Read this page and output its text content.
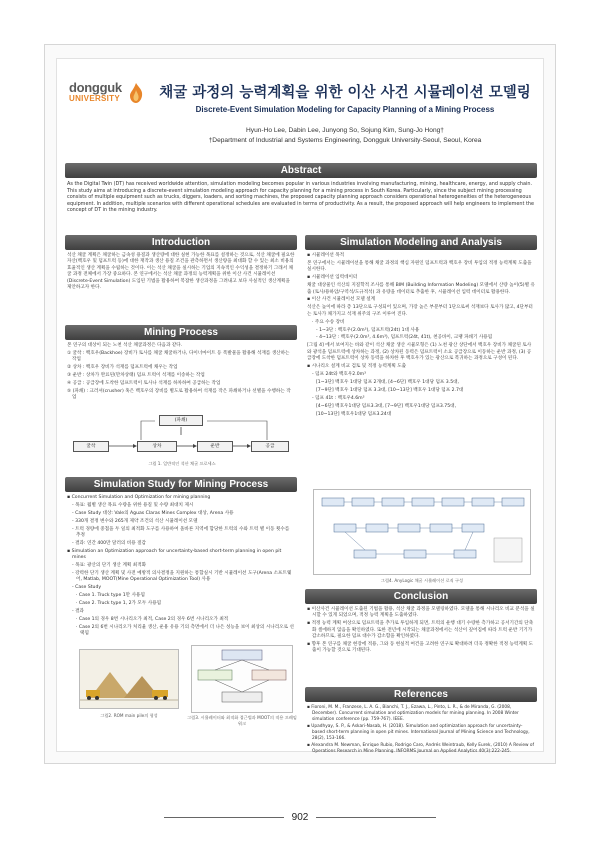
dongguk
UNIVERSITY	채굴 과정의 능력계획을 위한 이산 사건 시뮬레이션 모델링
Discrete-Event Simulation Modeling for Capacity Planning of a Mining Process
Hyun-Ho Lee, Dabin Lee, Junyong So, Sojung Kim, Sung-Jo Hong†
†Department of Industrial and Systems Engineering, Dongguk University-Seoul, Seoul, Korea
Abstract
As the Digital Twin (DT) has received worldwide attention, simulation modeling becomes popular in various industries involving manufacturing, mining, healthcare, energy, and supply chain. This study aims at introducing a discrete-event simulation modeling approach for capacity planning for a mining process in South Korea. Particularly, since the subject mining processing consists of multiple equipment such as trucks, diggers, loaders, and sorting machines, the proposed capacity planning approach considers operational heterogeneities of the heterogeneous equipment. In addition, multiple scenarios with different operational schedules are evaluated in terms of productivity. As a result, the proposed approach will help engineers to implement the concept of DT in the mining industry.
Introduction
석산 채굴 계획은 채굴하는 금속성 용질과 생산량에 대한 실현 가능한 목표를 설정하는 것으로, 석산 채굴에 필요한 자산(백호우 및 덤프트럭 등)에 대한 재작과 생산 용질 조건을 관측하면서 생산량을 최대화 할 수 있는 최소 비용의 효율적인 생산 계획을 수립하는 것이다. 이는 석산 채굴을 실시하는 기업의 지속적인 수익성을 결정하기 그래서 채굴 과정 전체에서 가장 중요하다. 본 연구에서는 석산 채굴 과정의 능력계획을 위한 이산 사건 시뮬레이션(Discrete-Event Simulation) 도입된 기법을 활용하여 복잡한 생산과정을 그려내고 보다 사실적인 생산계획을 제안하고자 한다.
Mining Process

본 연구의 대상이 되는 노천 석산 채굴과정은 다음과 같다.

① 굴착 : 백호우(Backhoe) 장비가 토사를 채굴 채굴하거나, 다이너마이트 등 폭발물을 활용해 석재를 생산하는 작업

② 상차 : 백호우 장비가 석재를 덤프트럭에 채우는 작업

③ 운반 : 상차가 완료된(만차상태) 덤프 트럭이 석재를 이송하는 작업

④ 공급 : 공급장에 도착한 덤프트럭이 토사나 석재를 하차하여 공급하는 작업

⑤ (파쇄) : 크러셔(crusher) 혹은 백호우의 장비를 별도로 활용하여 석재를 작은 파쇄하거나 선별을 수행하는 작업

(파쇄)
굴착	상차	운반	공급
그림 1. 일반적인 석산 채굴 프로세스
Simulation Study for Mining Process

▪ Concurrent Simulation and Optimization for mining planning

- 목표: 월별 생산 목표 수량을 위한 용질 및 수량 최대치 제시

- Case Study 대상: Vale의 Aguas Claras Mines Complex 대상, Arena 사용

- 330개 결정 변수와 265개 제약 조건의 석산 시뮬레이션 모델

- 트럭 경량에 중첩을 두 일의 최적화 도구를 사용하여 올바른 지역에 합당한 트럭의 수와 트럭 별 이동 횟수를 추정

- 결과: 연간 400만 달러의 비용 절감

▪ Simulation an Optimization approach for uncertainty-based short-term planning in open pit mines

- 목표: 광산의 단기 생산 계획 최적화

- 강력한 단기 생산 계획 및 사전 예방적 의사결정을 지원하는 통합실시 기반 시뮬레이션 도구(Arena 소프트웨어, Matlab, MOOT(Mine Operational Optimization Tool) 사용

- Case Study

· Case 1. Truck type 1만 사용됨

· Case 2. Truck type 1, 2가 모두 사용됨

- 결과

· Case 1의 경우 8번 시나리오가 최적, Case 2의 경우 6번 시나리오가 최적

· Case 2의 6번 시나리오가 처리율 생산, 운용 유용 기의 측면에서 더 나은 성능을 보이 최상의 시나리오로 선택됨

그림2. ROM main pile의 형성	그림3. 시뮬레이터와 최적화 접근법과 MOOT의 적용 프레임워크
Simulation Modeling and Analysis

▪ 시뮬레이션 목적

본 연구에서는 시뮬레이션을 통해 채굴 과정의 핵심 자원인 덤프트럭과 백호우 장비 투입의 적정 능력계획 도출을 실시한다.

▪ 시뮬레이션 입력데이터

채굴 대상물인 석산의 지질학적 조사를 통해 BIM (Building Information Modeling) 모델에서 산량 높이(5)별 유출 (토사/용하암/구역석/도규적석) 과 유량을 데이터로 추출한 후, 시뮬레이션 입력 데이터로 활용한다.

▪ 이산 사건 시뮬레이션 모델 설계

석산은 높이에 따라 층 13단으로 구성되어 있으며, 가장 높은 부분부터 1단으로써 석재보다 토사가 많고, 4단부터는 토사가 채가지고 석재 위주의 구조 이루어 진다.

· 주요 수송 장비

- 1~3단 : 백호우(2.0m³), 덤프트럭(24t) 1대 사용

- 4~13단 : 백호우(2.0m³, 4.6m³), 덤프트럭(24t, 41t), 천공바이, 크랭 파쇄기 사용됨

[그림 4] 에서 보여지는 바와 같이 석산 채굴 생산 시뮬모형은 (1) 노천 광산 상단에서 백호우 장비가 채굴된 토사와 광석을 덤프트럭에 상차하는 과정, (2) 상차된 동력은 덤프트럭이 소요 공급장으로 이동하는 운반 과정, (3) 공급장에 도착한 덤프트럭이 상차 동력을 하차한 후 백호우가 있는 광산으로 복귀하는 과정으로 구성이 된다.

▪ 시나리오 설계 비교 검토 및 적정 능력계획 도출

- 덤프 24t와 백호우2.0m³

[1~3단] 백호우 1대당 덤프 2개대, [4~6단] 백호우 1대당 덤프 3.5대,

[7~9단] 백호우 1대당 덤프 3.3대, [10~13단] 백호우 1대당 덤프 2.7대

- 덤프 41t : 백호우4.6m³

[4~6단] 백호우1대당 덤프3.3대, [7~9단] 백호우1대당 덤프3.75대,

[10~13단] 백호우1대당 덤프3.24대

그림4. AnyLogic 채굴 시뮬레이션 로직 구성
Conclusion

▪ 이산사건 시뮬레이션 도출된 기법을 활용, 석산 채굴 과정을 모델링하였다. 모델을 통해 시나리오 비교 분석을 실시할 수 있게 되었으며, 적정 능력 계획을 도출하였다.

▪ 적정 능력 계획 여상으로 덤프트럭을 추가로 투입하게 되면, 트럭의 운행 대기 수량한 측가하고 공서기간의 단축화 셀에하지 않음을 확인하였다. 또한 전년에 시작되는 채굴과정에서는 석산이 깊어짐에 따라 트럭 운반 기기가 감소하므로, 필요한 덤프 대수가 감소함을 확인하였다.

▪ 향후 본 연구를 채굴 현장에 적용, 그와 동 현실적 여건을 고려한 연구로 확대하려 더욱 정확한 적정 능력계획 도출이 가능할 것으로 기대된다.

References

▪ Fioroni, M. M., Franzese, L. A. G., Bianchi, T. J., Ezawa, L., Pinto, L. R., & de Miranda, G. (2008, December). Concurrent simulation and optimization models for mining planning. In 2008 Winter simulation conference (pp. 759-767). IEEE.

▪ Upadhyay, S. P., & Askari-Nasab, H. (2018). Simulation and optimization approach for uncertainty-based short-term planning in open pit mines. International Journal of Mining Science and Technology, 28(2), 153-166.

▪ Alexandra M. Newman, Enrique Rubio, Rodrigo Caro, Andrés Weintraub, Kelly Eurek, (2010) A Review of Operations Research in Mine Planning. INFORMS Journal on Applied Analytics 40(3):222-245.

902
